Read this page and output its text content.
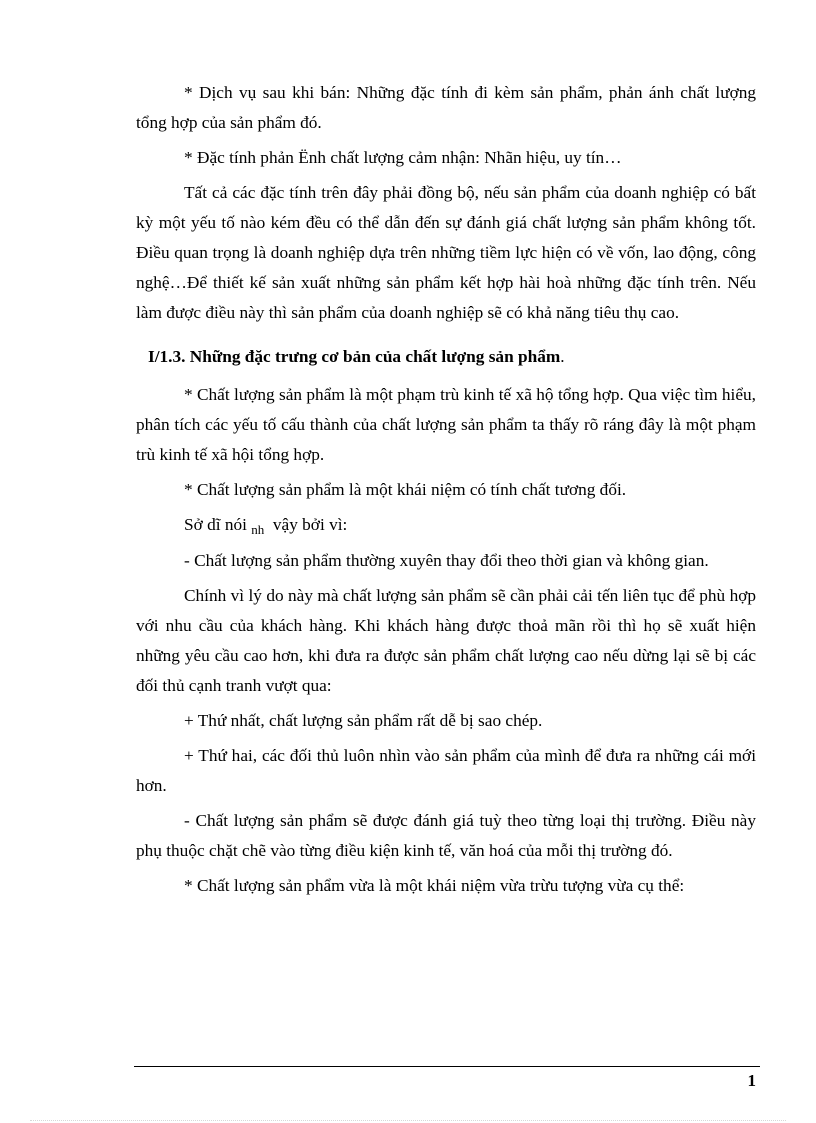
* Dịch vụ sau khi bán: Những đặc tính đi kèm sản phẩm, phản ánh chất lượng tổng hợp của sản phẩm đó.

* Đặc tính phản Ënh chất lượng cảm nhận: Nhãn hiệu, uy tín…

Tất cả các đặc tính trên đây phải đồng bộ, nếu sản phẩm của doanh nghiệp có bất kỳ một yếu tố nào kém đều có thể dẫn đến sự đánh giá chất lượng sản phẩm không tốt. Điều quan trọng là doanh nghiệp dựa trên những tiềm lực hiện có về vốn, lao động, công nghệ…Để thiết kế sản xuất những sản phẩm kết hợp hài hoà những đặc tính trên. Nếu làm được điều này thì sản phẩm của doanh nghiệp sẽ có khả năng tiêu thụ cao.

I/1.3. Những đặc trưng cơ bản của chất lượng sản phẩm.

* Chất lượng sản phẩm là một phạm trù kinh tế xã hộ tổng hợp. Qua việc tìm hiểu, phân tích các yếu tố cấu thành của chất lượng sản phẩm ta thấy rõ ráng đây là một phạm trù kinh tế xã hội tổng hợp.

* Chất lượng sản phẩm là một khái niệm có tính chất tương đối.

Sở dĩ nói $_{nh}$  vậy bởi vì:

- Chất lượng sản phẩm thường xuyên thay đổi theo thời gian và không gian.

Chính vì lý do này mà chất lượng sản phẩm sẽ cần phải cải tến liên tục để phù hợp với nhu cầu của khách hàng. Khi khách hàng được thoả mãn rồi thì họ sẽ xuất hiện những yêu cầu cao hơn, khi đưa ra được sản phẩm chất lượng cao nếu dừng lại sẽ bị các đối thủ cạnh tranh vượt qua:

+ Thứ nhất, chất lượng sản phẩm rất dễ bị sao chép.

+ Thứ hai, các đối thủ luôn nhìn vào sản phẩm của mình để đưa ra những cái mới hơn.

- Chất lượng sản phẩm sẽ được đánh giá tuỳ theo từng loại thị trường. Điều này phụ thuộc chặt chẽ vào từng điều kiện kinh tế, văn hoá của mỗi thị trường đó.

* Chất lượng sản phẩm vừa là một khái niệm vừa trừu tượng vừa cụ thể:

1
